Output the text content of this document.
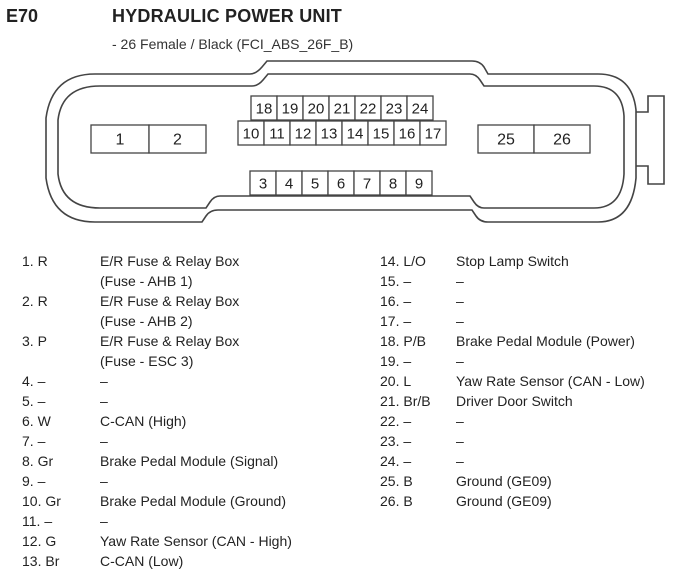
E70	HYDRAULIC POWER UNIT
- 26 Female / Black (FCI_ABS_26F_B)
1	2	25 26
18 19 20 21 22 23 24
10 11 12 13 14 15 16 17
3 4 5 6 7 8 9
1. R	E/R Fuse & Relay Box
(Fuse - AHB 1)
2. R	E/R Fuse & Relay Box
(Fuse - AHB 2)
3. P	E/R Fuse & Relay Box
(Fuse - ESC 3)
4. –	–
5. –	–
6. W	C-CAN (High)
7. –	–
8. Gr	Brake Pedal Module (Signal)
9. –	–
10. Gr	Brake Pedal Module (Ground)
11. –	–
12. G	Yaw Rate Sensor (CAN - High)
13. Br	C-CAN (Low)
14. L/O Stop Lamp Switch
15. –	–
16. –	–
17. –	–
18. P/B Brake Pedal Module (Power)
19. –	–
20. L	Yaw Rate Sensor (CAN - Low)
21. Br/B Driver Door Switch
22. –	–
23. –	–
24. –	–
25. B	Ground (GE09)
26. B	Ground (GE09)
